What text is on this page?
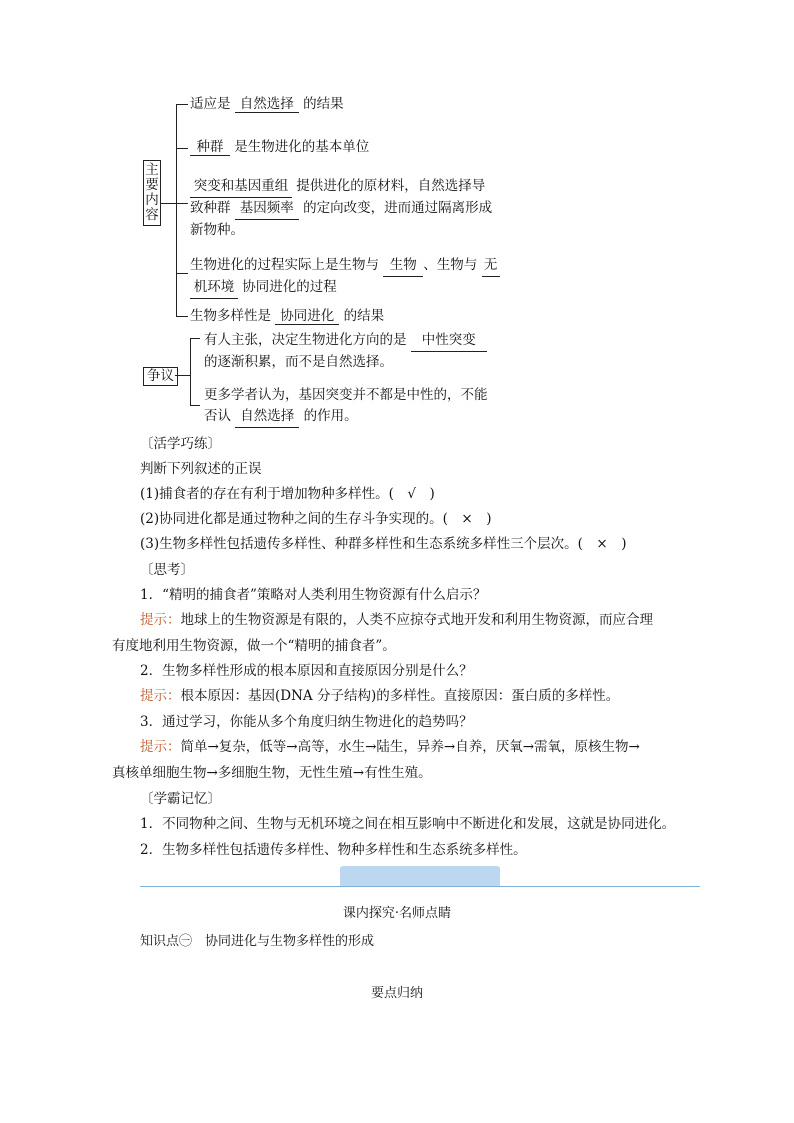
主
要
内
容
适应是 自然选择 的结果
种群 是生物进化的基本单位
突变和基因重组 提供进化的原材料，自然选择导
致种群 基因频率 的定向改变，进而通过隔离形成
新物种。
生物进化的过程实际上是生物与 生物 、生物与 无
机环境 协同进化的过程
生物多样性是 协同进化 的结果
争议
有人主张，决定生物进化方向的是 中性突变
的逐渐积累，而不是自然选择。
更多学者认为，基因突变并不都是中性的，不能
否认 自然选择 的作用。
〔活学巧练〕
判断下列叙述的正误
(1)捕食者的存在有利于增加物种多样性。(　√　)
(2)协同进化都是通过物种之间的生存斗争实现的。(　×　)
(3)生物多样性包括遗传多样性、种群多样性和生态系统多样性三个层次。(　×　)
〔思考〕
1．“精明的捕食者”策略对人类利用生物资源有什么启示？
提示：地球上的生物资源是有限的，人类不应掠夺式地开发和利用生物资源，而应合理
有度地利用生物资源，做一个“精明的捕食者”。
2．生物多样性形成的根本原因和直接原因分别是什么？
提示：根本原因：基因(DNA 分子结构)的多样性。直接原因：蛋白质的多样性。
3．通过学习，你能从多个角度归纳生物进化的趋势吗？
提示：简单→复杂，低等→高等，水生→陆生，异养→自养，厌氧→需氧，原核生物→
真核单细胞生物→多细胞生物，无性生殖→有性生殖。
〔学霸记忆〕
1．不同物种之间、生物与无机环境之间在相互影响中不断进化和发展，这就是协同进化。
2．生物多样性包括遗传多样性、物种多样性和生态系统多样性。
课内探究·名师点睛
知识点㊀　协同进化与生物多样性的形成
要点归纳
